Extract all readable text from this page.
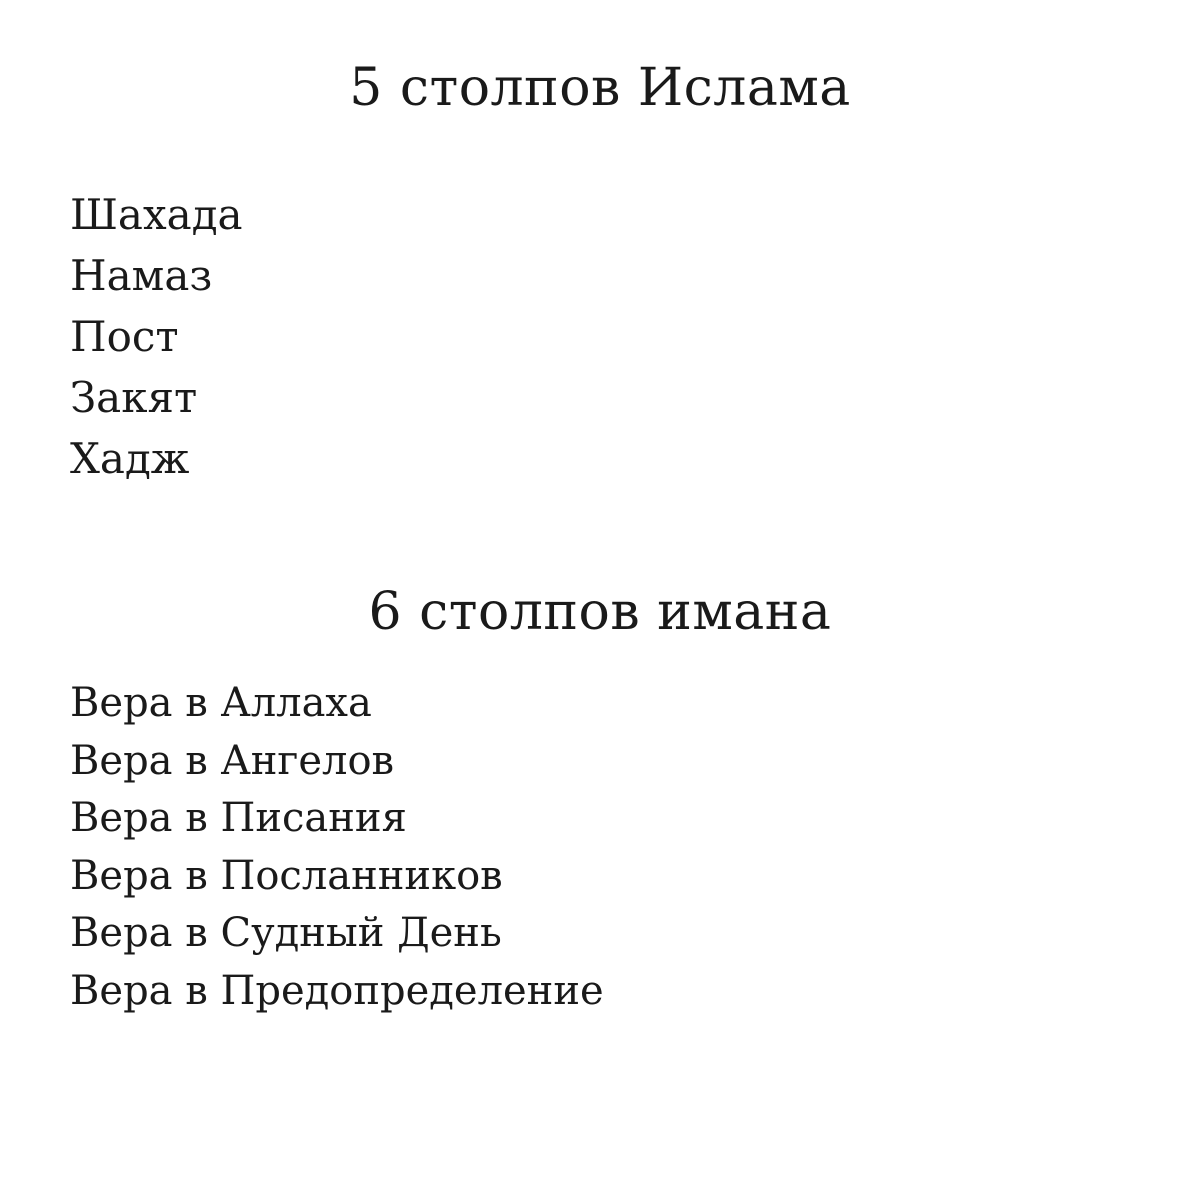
5 столпов Ислама
Шахада
Намаз
Пост
Закят
Хадж
6 столпов имана
Вера в Аллаха
Вера в Ангелов
Вера в Писания
Вера в Посланников
Вера в Судный День
Вера в Предопределение
